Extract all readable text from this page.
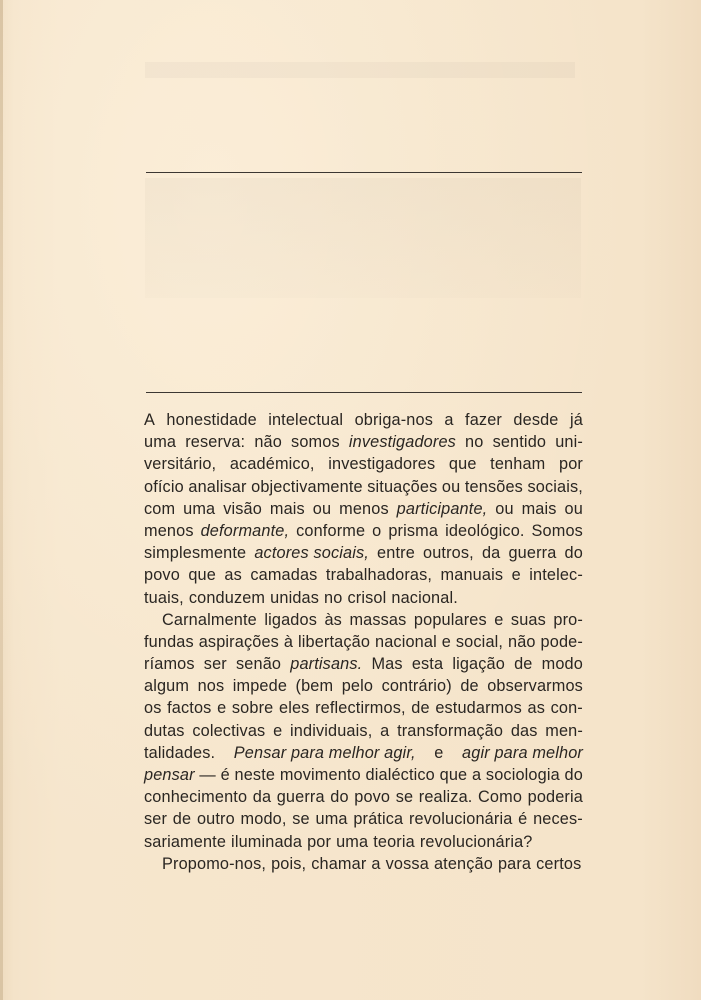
A honestidade intelectual obriga-nos a fazer desde já
uma reserva: não somos investigadores no sentido uni-
versitário, académico, investigadores que tenham por
ofício analisar objectivamente situações ou tensões sociais,
com uma visão mais ou menos participante, ou mais ou
menos deformante, conforme o prisma ideológico. Somos
simplesmente actores sociais, entre outros, da guerra do
povo que as camadas trabalhadoras, manuais e intelec-
tuais, conduzem unidas no crisol nacional.
Carnalmente ligados às massas populares e suas pro-
fundas aspirações à libertação nacional e social, não pode-
ríamos ser senão partisans. Mas esta ligação de modo
algum nos impede (bem pelo contrário) de observarmos
os factos e sobre eles reflectirmos, de estudarmos as con-
dutas colectivas e individuais, a transformação das men-
talidades. Pensar para melhor agir, e agir para melhor
pensar — é neste movimento dialéctico que a sociologia do
conhecimento da guerra do povo se realiza. Como poderia
ser de outro modo, se uma prática revolucionária é neces-
sariamente iluminada por uma teoria revolucionária?
Propomo-nos, pois, chamar a vossa atenção para certos
